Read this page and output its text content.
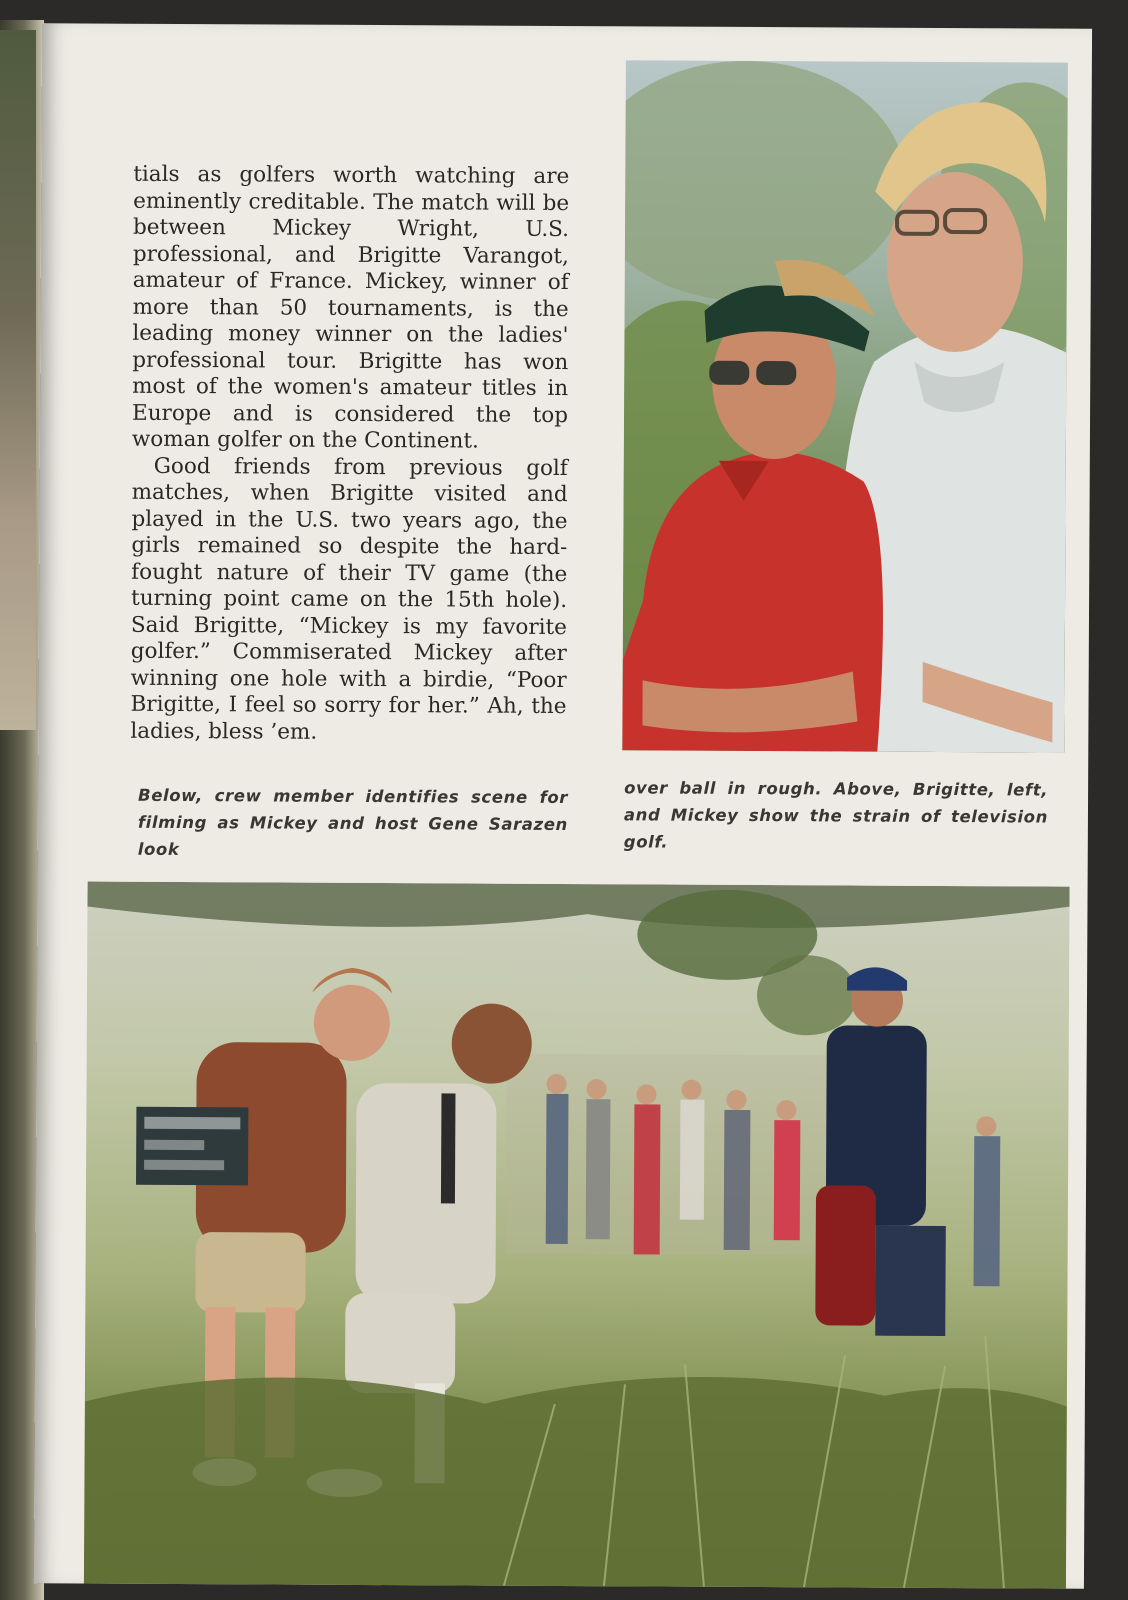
tials as golfers worth watching are eminently creditable. The match will be between Mickey Wright, U.S. professional, and Brigitte Varangot, amateur of France. Mickey, winner of more than 50 tournaments, is the leading money winner on the ladies' professional tour. Brigitte has won most of the women's amateur titles in Europe and is considered the top woman golfer on the Continent.

Good friends from previous golf matches, when Brigitte visited and played in the U.S. two years ago, the girls remained so despite the hard-fought nature of their TV game (the turning point came on the 15th hole). Said Brigitte, “Mickey is my favorite golfer.” Commiserated Mickey after winning one hole with a birdie, “Poor Brigitte, I feel so sorry for her.” Ah, the ladies, bless ’em.

Below, crew member identifies scene for filming as Mickey and host Gene Sarazen look
over ball in rough. Above, Brigitte, left, and Mickey show the strain of television golf.
